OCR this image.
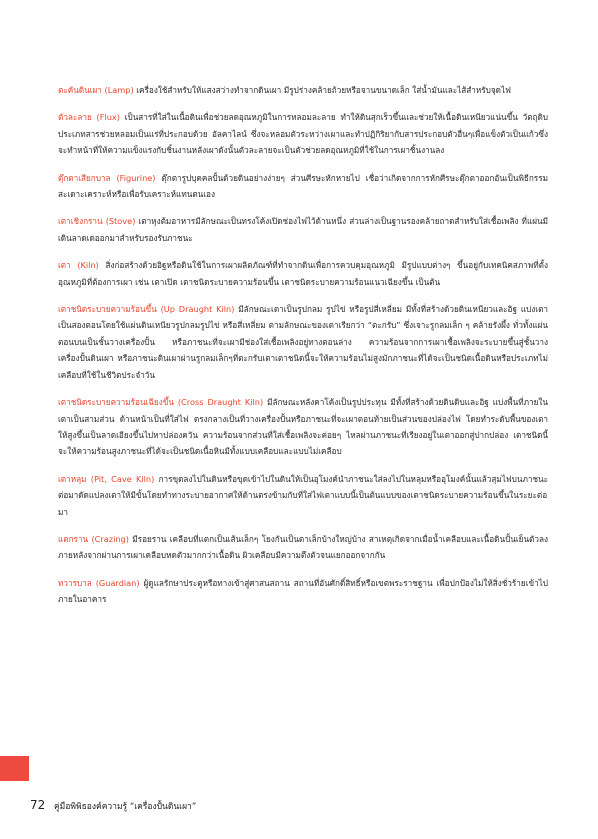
ตะคันดินเผา (Lamp) เครื่องใช้สำหรับให้แสงสว่างทำจากดินเผา มีรูปร่างคล้ายถ้วยหรือจานขนาดเล็ก ใส่น้ำมันและไส้สำหรับจุดไฟ

ตัวละลาย (Flux) เป็นสารที่ใส่ในเนื้อดินเพื่อช่วยลดอุณหภูมิในการหลอมละลาย ทำให้ดินสุกเร็วขึ้นและช่วยให้เนื้อดินเหนียวแน่นขึ้น วัตถุดิบประเภทสารช่วยหลอมเป็นแร่ที่ประกอบด้วย อัลคาไลน์ ซึ่งจะหลอมตัวระหว่างเผาและทำปฏิกิริยากับสารประกอบตัวอื่นๆเพื่อแข็งตัวเป็นแก้วซึ่งจะทำหน้าที่ให้ความแข็งแรงกับชิ้นงานหลังเผาดังนั้นตัวละลายจะเป็นตัวช่วยลดอุณหภูมิที่ใช้ในการเผาชิ้นงานลง

ตุ๊กตาเสียกบาล (Figurine) ตุ๊กตารูปบุคคลปั้นด้วยดินอย่างง่ายๆ ส่วนศีรษะหักหายไป เชื่อว่าเกิดจากการหักศีรษะตุ๊กตาออกอันเป็นพิธีกรรมสะเดาะเคราะห์หรือเพื่อรับเคราะห์แทนตนเอง

เตาเชิงกราน (Stove) เตาหุงต้มอาหารมีลักษณะเป็นทรงโค้งเปิดช่องไฟไว้ด้านหนึ่ง ส่วนล่างเป็นฐานรองคล้ายถาดสำหรับใส่เชื้อเพลิง ที่แผ่นมีเดินลาดเดออกมาสำหรับรองรับภาชนะ

เตา (Kiln) สิ่งก่อสร้างด้วยอิฐหรือดินใช้ในการเผาผลิตภัณฑ์ที่ทำจากดินเพื่อการควบคุมอุณหภูมิ มีรูปแบบต่างๆ ขึ้นอยู่กับเทคนิคสภาพที่ตั้ง อุณหภูมิที่ต้องการเผา เช่น เตาเปิด เตาชนิดระบายความร้อนขึ้น เตาชนิดระบายความร้อนแนวเฉียงขึ้น เป็นต้น

เตาชนิดระบายความร้อนขึ้น (Up Draught Kiln) มีลักษณะเตาเป็นรูปกลม รูปไข่ หรือรูปสี่เหลี่ยม มีทั้งที่สร้างด้วยดินเหนียวและอิฐ แบ่งเตาเป็นสองตอนโดยใช้แผ่นดินเหนียวรูปกลมรูปไข่ หรือสี่เหลี่ยม ตามลักษณะของเตาเรียกว่า “ตะกรับ” ซึ่งเจาะรูกลมเล็ก ๆ คล้ายรังผึ้ง ทั่วทั้งแผ่นตอนบนเป็นชั้นวางเครื่องปั้น หรือภาชนะที่จะเผามีช่องใส่เชื้อเพลิงอยู่ทางตอนล่าง ความร้อนจากการเผาเชื้อเพลิงจะระบายขึ้นสู่ชั้นวางเครื่องปั้นดินเผา หรือภาชนะดินเผาผ่านรูกลมเล็กๆที่ตะกรับเตาเตาชนิดนี้จะให้ความร้อนไม่สูงมักภาชนะที่ได้จะเป็นชนิดเนื้อดินหรือประเภทไม่เคลือบที่ใช้ในชีวิตประจำวัน

เตาชนิดระบายความร้อนเฉียงขึ้น (Cross Draught Kiln) มีลักษณะหลังคาโค้งเป็นรูปประทุน มีทั้งที่สร้างด้วยดินดิบและอิฐ แบ่งพื้นที่ภายในเตาเป็นสามส่วน ด้านหน้าเป็นที่ใส่ไฟ ตรงกลางเป็นที่วางเครื่องปั้นหรือภาชนะที่จะเผาตอนท้ายเป็นส่วนของปล่องไฟ โดยทำระดับพื้นของเตาให้สูงขึ้นเป็นลาดเอียงขึ้นไปหาปล่องควัน ความร้อนจากส่วนที่ใส่เชื้อเพลิงจะค่อยๆ ไหลผ่านภาชนะที่เรียงอยู่ในเตาออกสู่ปากปล่อง เตาชนิดนี้จะให้ความร้อนสูงภาชนะที่ได้จะเป็นชนิดเนื้อหินมีทั้งแบบเคลือบและแบบไม่เคลือบ

เตาหลุม (Pit, Cave Kiln) การขุดลงไปในดินหรือขุดเข้าไปในดินให้เป็นอุโมงค์นำภาชนะใส่ลงไปในหลุมหรืออุโมงค์นั้นแล้วสุมไฟบนภาชนะ ต่อมาดัดแปลงเตาให้มีขั้นโดยทำทางระบายอากาศให้ด้านตรงข้ามกับที่ใส่ไฟเตาแบบนี้เป็นต้นแบบของเตาชนิดระบายความร้อนขึ้นในระยะต่อมา

แตกราน (Crazing) มีรอยราน เคลือบที่แตกเป็นเส้นเล็กๆ โยงกันเป็นตาเล็กบ้างใหญ่บ้าง สาเหตุเกิดจากเมื่อน้ำเคลือบและเนื้อดินปั้นเย็นตัวลงภายหลังจากผ่านการเผาเคลือบหดตัวมากกว่าเนื้อดิน ผิวเคลือบมีความตึงตัวจนแยกออกจากกัน

ทวารบาล (Guardian) ผู้ดูแลรักษาประตูหรือทางเข้าสู่ศาสนสถาน สถานที่อันศักดิ์สิทธิ์หรือเขตพระราชฐาน เพื่อปกป้องไม่ให้สิ่งชั่วร้ายเข้าไปภายในอาคาร

72 คู่มือพิพิธองค์ความรู้ “เครื่องปั้นดินเผา”
